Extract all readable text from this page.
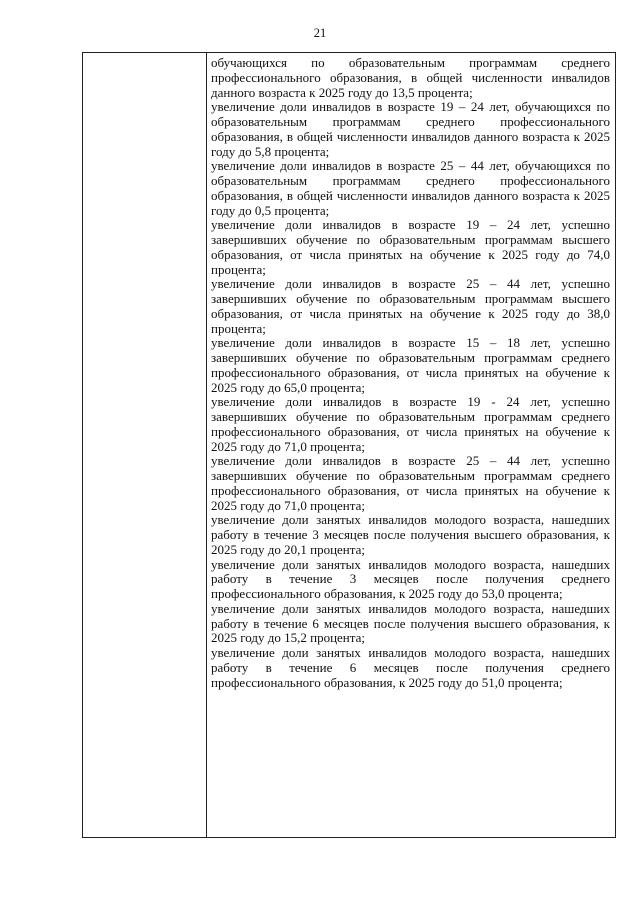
21

обучающихся по образовательным программам среднего профессионального образования, в общей численности инвалидов данного возраста к 2025 году до 13,5 процента;

увеличение доли инвалидов в возрасте 19 – 24 лет, обучающихся по образовательным программам среднего профессионального образования, в общей численности инвалидов данного возраста к 2025 году до 5,8 процента;

увеличение доли инвалидов в возрасте 25 – 44 лет, обучающихся по образовательным программам среднего профессионального образования, в общей численности инвалидов данного возраста к 2025 году до 0,5 процента;

увеличение доли инвалидов в возрасте 19 – 24 лет, успешно завершивших обучение по образовательным программам высшего образования, от числа принятых на обучение к 2025 году до 74,0 процента;

увеличение доли инвалидов в возрасте 25 – 44 лет, успешно завершивших обучение по образовательным программам высшего образования, от числа принятых на обучение к 2025 году до 38,0 процента;

увеличение доли инвалидов в возрасте 15 – 18 лет, успешно завершивших обучение по образовательным программам среднего профессионального образования, от числа принятых на обучение к 2025 году до 65,0 процента;

увеличение доли инвалидов в возрасте 19 - 24 лет, успешно завершивших обучение по образовательным программам среднего профессионального образования, от числа принятых на обучение к 2025 году до 71,0 процента;

увеличение доли инвалидов в возрасте 25 – 44 лет, успешно завершивших обучение по образовательным программам среднего профессионального образования, от числа принятых на обучение к 2025 году до 71,0 процента;

увеличение доли занятых инвалидов молодого возраста, нашедших работу в течение 3 месяцев после получения высшего образования, к 2025 году до 20,1 процента;

увеличение доли занятых инвалидов молодого возраста, нашедших работу в течение 3 месяцев после получения среднего профессионального образования, к 2025 году до 53,0 процента;

увеличение доли занятых инвалидов молодого возраста, нашедших работу в течение 6 месяцев после получения высшего образования, к 2025 году до 15,2 процента;

увеличение доли занятых инвалидов молодого возраста, нашедших работу в течение 6 месяцев после получения среднего профессионального образования, к 2025 году до 51,0 процента;
